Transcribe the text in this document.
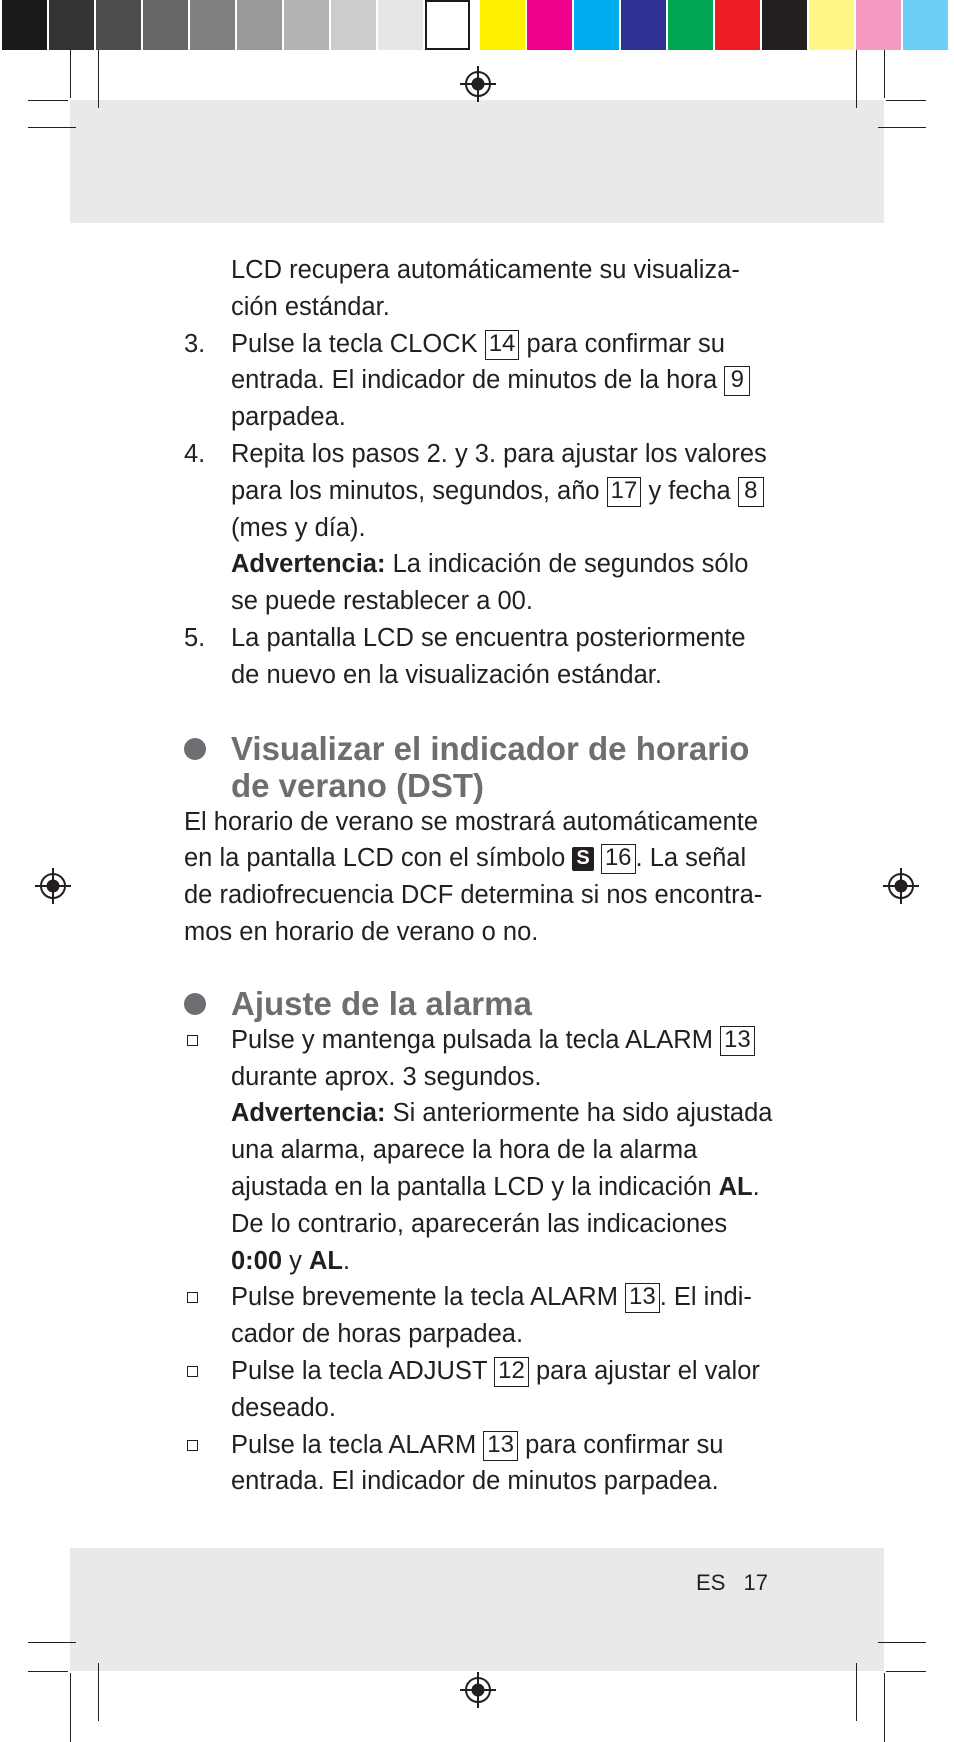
LCD recupera automáticamente su visualiza- ción estándar.
3. Pulse la tecla CLOCK 14 para confirmar su entrada. El indicador de minutos de la hora 9 parpadea.
4. Repita los pasos 2. y 3. para ajustar los valores para los minutos, segundos, año 17 y fecha 8 (mes y día).
Advertencia: La indicación de segundos sólo se puede restablecer a 00.
5. La pantalla LCD se encuentra posteriormente de nuevo en la visualización estándar.
Visualizar el indicador de horario de verano (DST)
El horario de verano se mostrará automáticamente en la pantalla LCD con el símbolo S 16 . La señal de radiofrecuencia DCF determina si nos encontra- mos en horario de verano o no.
Ajuste de la alarma
Pulse y mantenga pulsada la tecla ALARM 13 durante aprox. 3 segundos.
Advertencia: Si anteriormente ha sido ajustada una alarma, aparece la hora de la alarma ajustada en la pantalla LCD y la indicación AL. De lo contrario, aparecerán las indicaciones 0:00 y AL.
Pulse brevemente la tecla ALARM 13 . El indi- cador de horas parpadea.
Pulse la tecla ADJUST 12 para ajustar el valor deseado.
Pulse la tecla ALARM 13 para confirmar su entrada. El indicador de minutos parpadea.
ES 17
